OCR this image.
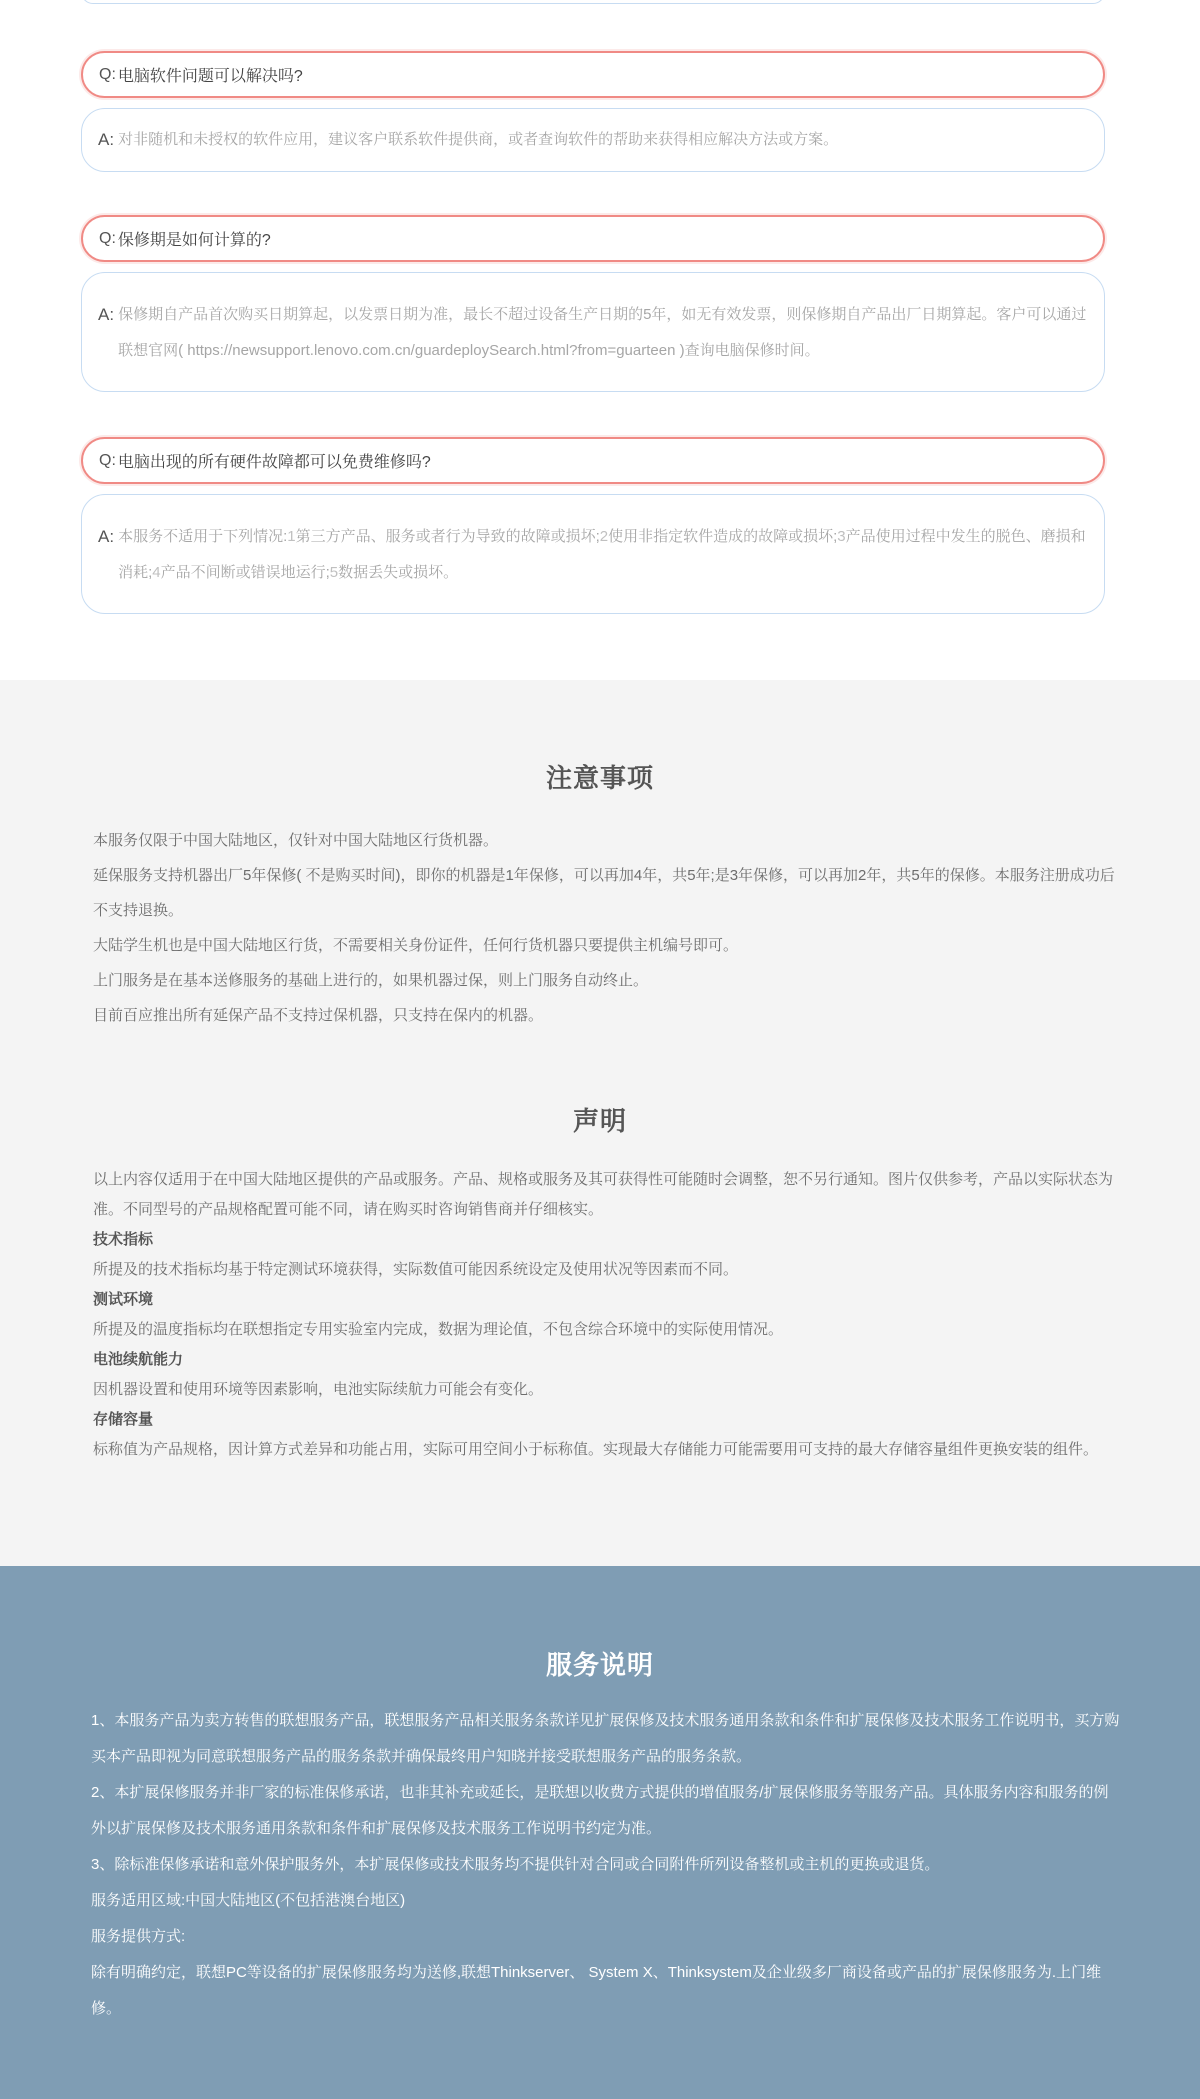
Q: 电脑软件问题可以解决吗?
A: 对非随机和未授权的软件应用，建议客户联系软件提供商，或者查询软件的帮助来获得相应解决方法或方案。
Q: 保修期是如何计算的?
A: 保修期自产品首次购买日期算起，以发票日期为准，最长不超过设备生产日期的5年，如无有效发票，则保修期自产品出厂日期算起。客户可以通过联想官网( https://newsupport.lenovo.com.cn/guardeploySearch.html?from=guarteen )查询电脑保修时间。
Q: 电脑出现的所有硬件故障都可以免费维修吗?
A: 本服务不适用于下列情况:1第三方产品、服务或者行为导致的故障或损坏;2使用非指定软件造成的故障或损坏;3产品使用过程中发生的脱色、磨损和消耗;4产品不间断或错误地运行;5数据丢失或损坏。
注意事项

本服务仅限于中国大陆地区，仅针对中国大陆地区行货机器。

延保服务支持机器出厂5年保修( 不是购买时间)，即你的机器是1年保修，可以再加4年，共5年;是3年保修，可以再加2年，共5年的保修。本服务注册成功后不支持退换。

大陆学生机也是中国大陆地区行货，不需要相关身份证件，任何行货机器只要提供主机编号即可。

上门服务是在基本送修服务的基础上进行的，如果机器过保，则上门服务自动终止。

目前百应推出所有延保产品不支持过保机器，只支持在保内的机器。

声明

以上内容仅适用于在中国大陆地区提供的产品或服务。产品、规格或服务及其可获得性可能随时会调整，恕不另行通知。图片仅供参考，产品以实际状态为准。不同型号的产品规格配置可能不同，请在购买时咨询销售商并仔细核实。

技术指标

所提及的技术指标均基于特定测试环境获得，实际数值可能因系统设定及使用状况等因素而不同。

测试环境

所提及的温度指标均在联想指定专用实验室内完成，数据为理论值，不包含综合环境中的实际使用情况。

电池续航能力

因机器设置和使用环境等因素影响，电池实际续航力可能会有变化。

存储容量

标称值为产品规格，因计算方式差异和功能占用，实际可用空间小于标称值。实现最大存储能力可能需要用可支持的最大存储容量组件更换安装的组件。

服务说明

1、本服务产品为卖方转售的联想服务产品，联想服务产品相关服务条款详见扩展保修及技术服务通用条款和条件和扩展保修及技术服务工作说明书，买方购买本产品即视为同意联想服务产品的服务条款并确保最终用户知晓并接受联想服务产品的服务条款。

2、本扩展保修服务并非厂家的标准保修承诺，也非其补充或延长，是联想以收费方式提供的增值服务/扩展保修服务等服务产品。具体服务内容和服务的例外以扩展保修及技术服务通用条款和条件和扩展保修及技术服务工作说明书约定为准。

3、除标准保修承诺和意外保护服务外，本扩展保修或技术服务均不提供针对合同或合同附件所列设备整机或主机的更换或退货。

服务适用区域:中国大陆地区(不包括港澳台地区)

服务提供方式:

除有明确约定，联想PC等设备的扩展保修服务均为送修,联想Thinkserver、 System X、Thinksystem及企业级多厂商设备或产品的扩展保修服务为.上门维修。
